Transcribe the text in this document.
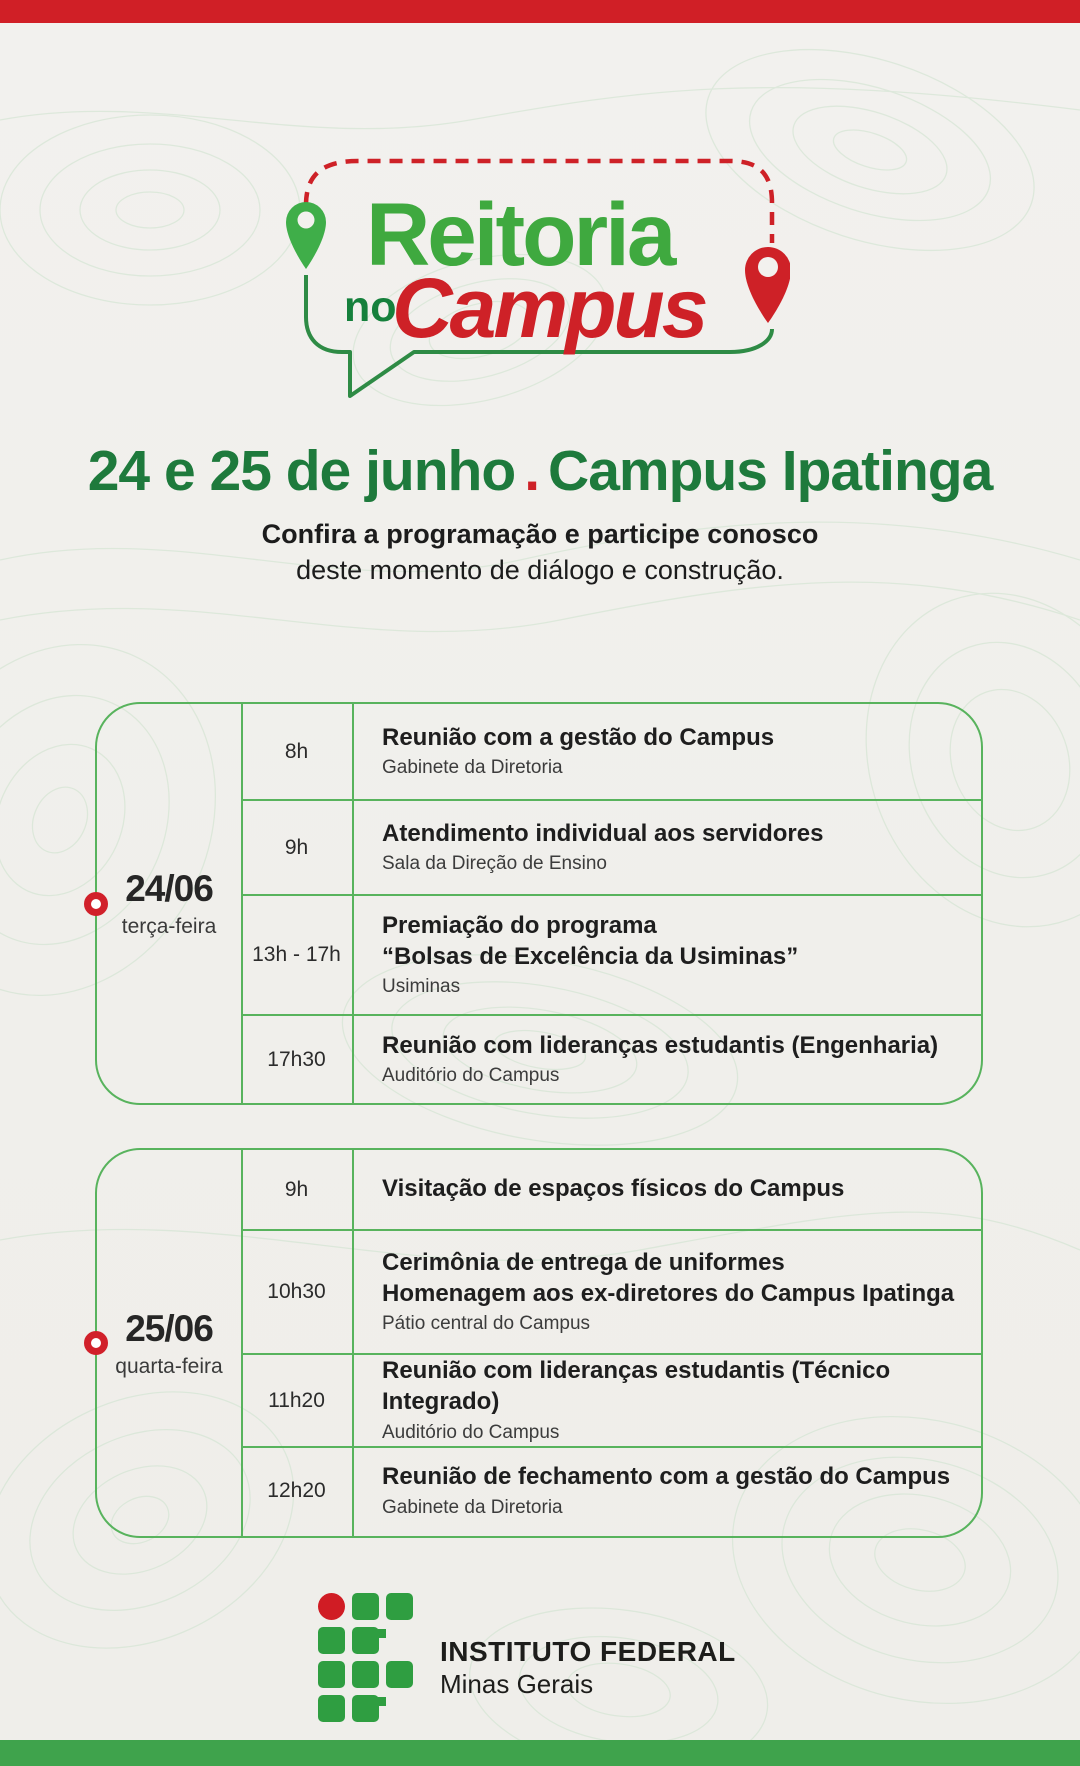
Reitoria
no
Campus
24 e 25 de junho . Campus Ipatinga
Confira a programação e participe conosco
deste momento de diálogo e construção.
24/06
terça-feira
8h
Reunião com a gestão do Campus
Gabinete da Diretoria
9h
Atendimento individual aos servidores
Sala da Direção de Ensino
13h - 17h
Premiação do programa
“Bolsas de Excelência da Usiminas”
Usiminas
17h30
Reunião com lideranças estudantis (Engenharia)
Auditório do Campus
25/06
quarta-feira
9h	Visitação de espaços físicos do Campus
10h30
Cerimônia de entrega de uniformes
Homenagem aos ex-diretores do Campus Ipatinga
Pátio central do Campus
11h20
Reunião com lideranças estudantis (Técnico Integrado)
Auditório do Campus
12h20
Reunião de fechamento com a gestão do Campus
Gabinete da Diretoria
INSTITUTO FEDERAL
Minas Gerais
